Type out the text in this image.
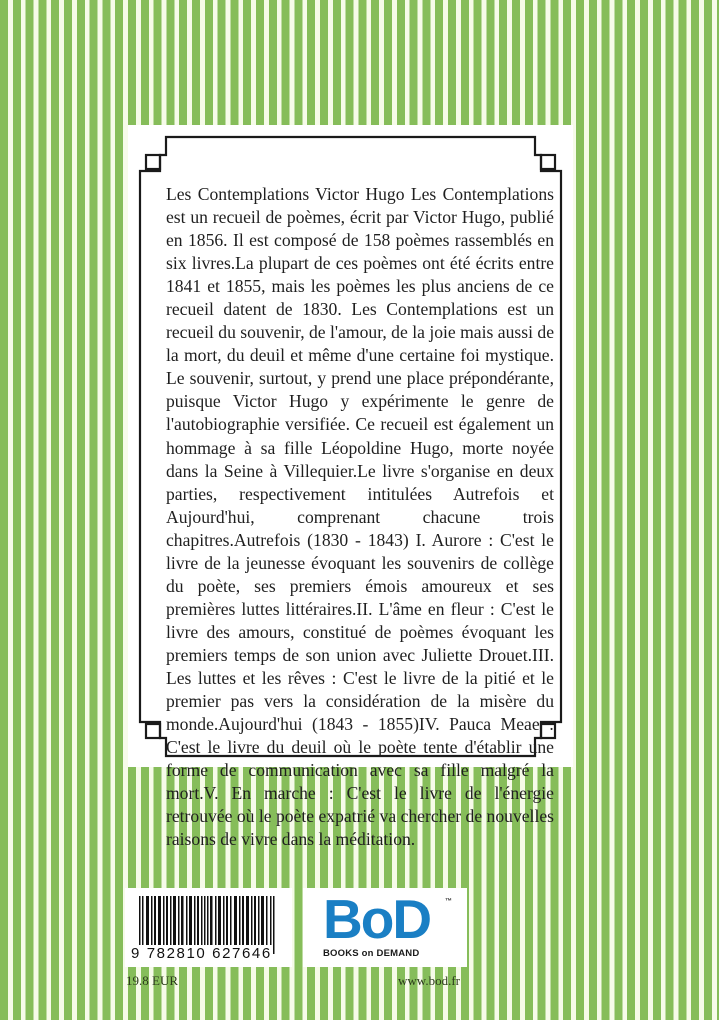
Les Contemplations Victor Hugo Les Contemplations est un recueil de poèmes, écrit par Victor Hugo, publié en 1856. Il est composé de 158 poèmes rassemblés en six livres.La plupart de ces poèmes ont été écrits entre 1841 et 1855, mais les poèmes les plus anciens de ce recueil datent de 1830. Les Contemplations est un recueil du souvenir, de l'amour, de la joie mais aussi de la mort, du deuil et même d'une certaine foi mystique. Le souvenir, surtout, y prend une place prépondérante, puisque Victor Hugo y expérimente le genre de l'autobiographie versifiée. Ce recueil est également un hommage à sa fille Léopoldine Hugo, morte noyée dans la Seine à Villequier.Le livre s'organise en deux parties, respectivement intitulées Autrefois et Aujourd'hui, comprenant chacune trois chapitres.Autrefois (1830 - 1843) I. Aurore : C'est le livre de la jeunesse évoquant les souvenirs de collège du poète, ses premiers émois amoureux et ses premières luttes littéraires.II. L'âme en fleur : C'est le livre des amours, constitué de poèmes évoquant les premiers temps de son union avec Juliette Drouet.III. Les luttes et les rêves : C'est le livre de la pitié et le premier pas vers la considération de la misère du monde.Aujourd'hui (1843 - 1855)IV. Pauca Meae : C'est le livre du deuil où le poète tente d'établir une forme de communication avec sa fille malgré la mort.V. En marche : C'est le livre de l'énergie retrouvée où le poète expatrié va chercher de nouvelles raisons de vivre dans la méditation.
9 782810 627646
BoD	™
BOOKS on DEMAND
19.8 EUR	www.bod.fr
